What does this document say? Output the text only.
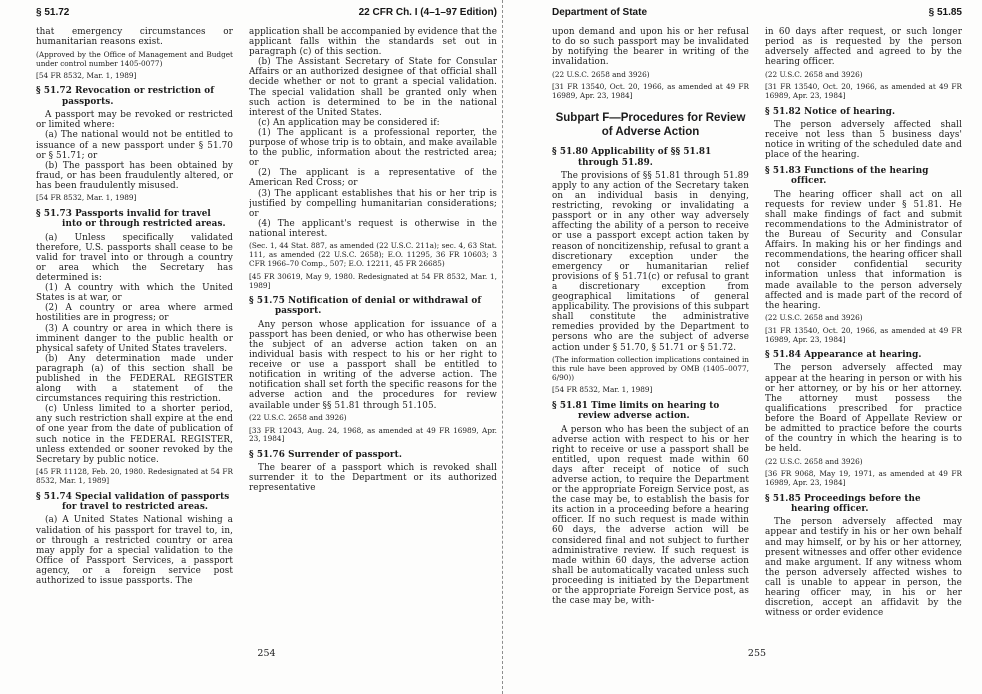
§ 51.72	22 CFR Ch. I (4–1–97 Edition)

that emergency circumstances or humanitarian reasons exist.

(Approved by the Office of Management and Budget under control number 1405-0077)

[54 FR 8532, Mar. 1, 1989]

§ 51.72 Revocation or restriction of passports.

A passport may be revoked or restricted or limited where:

(a) The national would not be entitled to issuance of a new passport under § 51.70 or § 51.71; or

(b) The passport has been obtained by fraud, or has been fraudulently altered, or has been fraudulently misused.

[54 FR 8532, Mar. 1, 1989]

§ 51.73 Passports invalid for travel into or through restricted areas.

(a) Unless specifically validated therefore, U.S. passports shall cease to be valid for travel into or through a country or area which the Secretary has determined is:

(1) A country with which the United States is at war, or

(2) A country or area where armed hostilities are in progress; or

(3) A country or area in which there is imminent danger to the public health or physical safety of United States travelers.

(b) Any determination made under paragraph (a) of this section shall be published in the FEDERAL REGISTER along with a statement of the circumstances requiring this restriction.

(c) Unless limited to a shorter period, any such restriction shall expire at the end of one year from the date of publication of such notice in the FEDERAL REGISTER, unless extended or sooner revoked by the Secretary by public notice.

[45 FR 11128, Feb. 20, 1980. Redesignated at 54 FR 8532, Mar. 1, 1989]

§ 51.74 Special validation of passports for travel to restricted areas.

(a) A United States National wishing a validation of his passport for travel to, in, or through a restricted country or area may apply for a special validation to the Office of Passport Services, a passport agency, or a foreign service post authorized to issue passports. The

application shall be accompanied by evidence that the applicant falls within the standards set out in paragraph (c) of this section.

(b) The Assistant Secretary of State for Consular Affairs or an authorized designee of that official shall decide whether or not to grant a special validation. The special validation shall be granted only when such action is determined to be in the national interest of the United States.

(c) An application may be considered if:

(1) The applicant is a professional reporter, the purpose of whose trip is to obtain, and make available to the public, information about the restricted area; or

(2) The applicant is a representative of the American Red Cross; or

(3) The applicant establishes that his or her trip is justified by compelling humanitarian considerations; or

(4) The applicant's request is otherwise in the national interest.

(Sec. 1, 44 Stat. 887, as amended (22 U.S.C. 211a); sec. 4, 63 Stat. 111, as amended (22 U.S.C. 2658); E.O. 11295, 36 FR 10603; 3 CFR 1966–70 Comp., 507; E.O. 12211, 45 FR 26685)

[45 FR 30619, May 9, 1980. Redesignated at 54 FR 8532, Mar. 1, 1989]

§ 51.75 Notification of denial or withdrawal of passport.

Any person whose application for issuance of a passport has been denied, or who has otherwise been the subject of an adverse action taken on an individual basis with respect to his or her right to receive or use a passport shall be entitled to notification in writing of the adverse action. The notification shall set forth the specific reasons for the adverse action and the procedures for review available under §§ 51.81 through 51.105.

(22 U.S.C. 2658 and 3926)

[33 FR 12043, Aug. 24, 1968, as amended at 49 FR 16989, Apr. 23, 1984]

§ 51.76 Surrender of passport.

The bearer of a passport which is revoked shall surrender it to the Department or its authorized representative

Department of State	§ 51.85

upon demand and upon his or her refusal to do so such passport may be invalidated by notifying the bearer in writing of the invalidation.

(22 U.S.C. 2658 and 3926)

[31 FR 13540, Oct. 20, 1966, as amended at 49 FR 16989, Apr. 23, 1984]

Subpart F—Procedures for Review of Adverse Action

§ 51.80 Applicability of §§ 51.81 through 51.89.

The provisions of §§ 51.81 through 51.89 apply to any action of the Secretary taken on an individual basis in denying, restricting, revoking or invalidating a passport or in any other way adversely affecting the ability of a person to receive or use a passport except action taken by reason of noncitizenship, refusal to grant a discretionary exception under the emergency or humanitarian relief provisions of § 51.71(c) or refusal to grant a discretionary exception from geographical limitations of general applicability. The provisions of this subpart shall constitute the administrative remedies provided by the Department to persons who are the subject of adverse action under § 51.70, § 51.71 or § 51.72.

(The information collection implications contained in this rule have been approved by OMB (1405–0077, 6/90))

[54 FR 8532, Mar. 1, 1989]

§ 51.81 Time limits on hearing to review adverse action.

A person who has been the subject of an adverse action with respect to his or her right to receive or use a passport shall be entitled, upon request made within 60 days after receipt of notice of such adverse action, to require the Department or the appropriate Foreign Service post, as the case may be, to establish the basis for its action in a proceeding before a hearing officer. If no such request is made within 60 days, the adverse action will be considered final and not subject to further administrative review. If such request is made within 60 days, the adverse action shall be automatically vacated unless such proceeding is initiated by the Department or the appropriate Foreign Service post, as the case may be, with-

in 60 days after request, or such longer period as is requested by the person adversely affected and agreed to by the hearing officer.

(22 U.S.C. 2658 and 3926)

[31 FR 13540, Oct. 20, 1966, as amended at 49 FR 16989, Apr. 23, 1984]

§ 51.82 Notice of hearing.

The person adversely affected shall receive not less than 5 business days' notice in writing of the scheduled date and place of the hearing.

§ 51.83 Functions of the hearing officer.

The hearing officer shall act on all requests for review under § 51.81. He shall make findings of fact and submit recommendations to the Administrator of the Bureau of Security and Consular Affairs. In making his or her findings and recommendations, the hearing officer shall not consider confidential security information unless that information is made available to the person adversely affected and is made part of the record of the hearing.

(22 U.S.C. 2658 and 3926)

[31 FR 13540, Oct. 20, 1966, as amended at 49 FR 16989, Apr. 23, 1984]

§ 51.84 Appearance at hearing.

The person adversely affected may appear at the hearing in person or with his or her attorney, or by his or her attorney. The attorney must possess the qualifications prescribed for practice before the Board of Appellate Review or be admitted to practice before the courts of the country in which the hearing is to be held.

(22 U.S.C. 2658 and 3926)

[36 FR 9068, May 19, 1971, as amended at 49 FR 16989, Apr. 23, 1984]

§ 51.85 Proceedings before the hearing officer.

The person adversely affected may appear and testify in his or her own behalf and may himself, or by his or her attorney, present witnesses and offer other evidence and make argument. If any witness whom the person adversely affected wishes to call is unable to appear in person, the hearing officer may, in his or her discretion, accept an affidavit by the witness or order evidence

254	255
